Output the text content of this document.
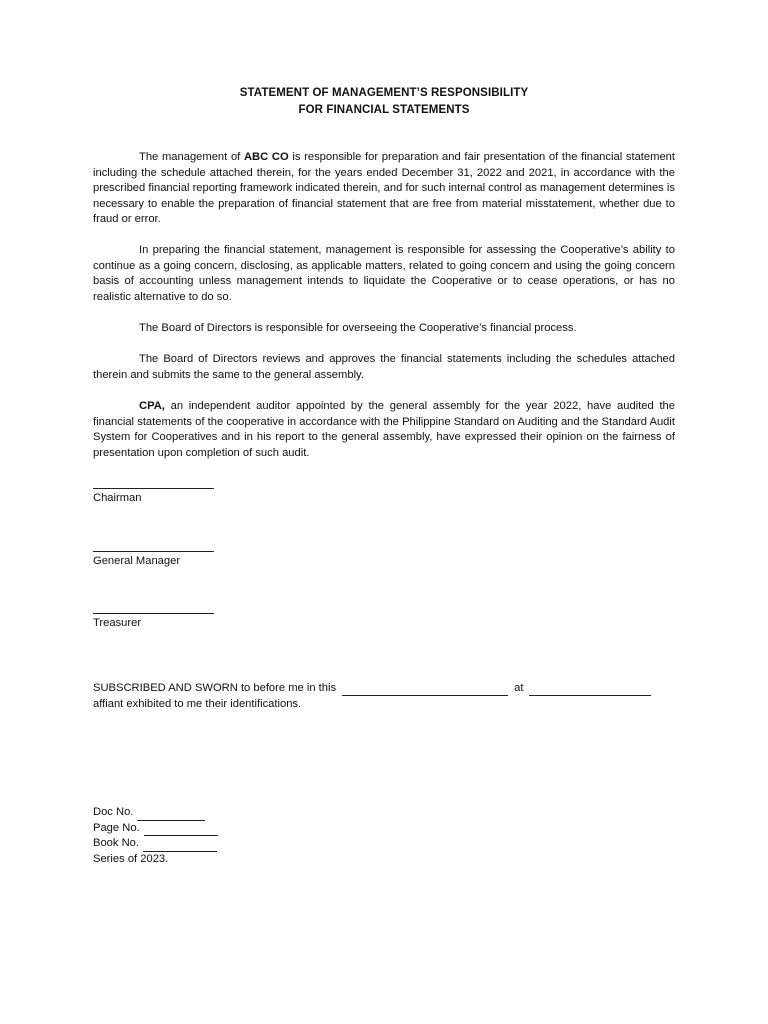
STATEMENT OF MANAGEMENT’S RESPONSIBILITY
FOR FINANCIAL STATEMENTS

The management of ABC CO is responsible for preparation and fair presentation of the financial statement including the schedule attached therein, for the years ended December 31, 2022 and 2021, in accordance with the prescribed financial reporting framework indicated therein, and for such internal control as management determines is necessary to enable the preparation of financial statement that are free from material misstatement, whether due to fraud or error.

In preparing the financial statement, management is responsible for assessing the Cooperative’s ability to continue as a going concern, disclosing, as applicable matters, related to going concern and using the going concern basis of accounting unless management intends to liquidate the Cooperative or to cease operations, or has no realistic alternative to do so.

The Board of Directors is responsible for overseeing the Cooperative’s financial process.

The Board of Directors reviews and approves the financial statements including the schedules attached therein and submits the same to the general assembly.

CPA, an independent auditor appointed by the general assembly for the year 2022, have audited the financial statements of the cooperative in accordance with the Philippine Standard on Auditing and the Standard Audit System for Cooperatives and in his report to the general assembly, have expressed their opinion on the fairness of presentation upon completion of such audit.

Chairman
General Manager
Treasurer
SUBSCRIBED AND SWORN to before me in this	at
affiant exhibited to me their identifications.
Doc No.
Page No.
Book No.
Series of 2023.
